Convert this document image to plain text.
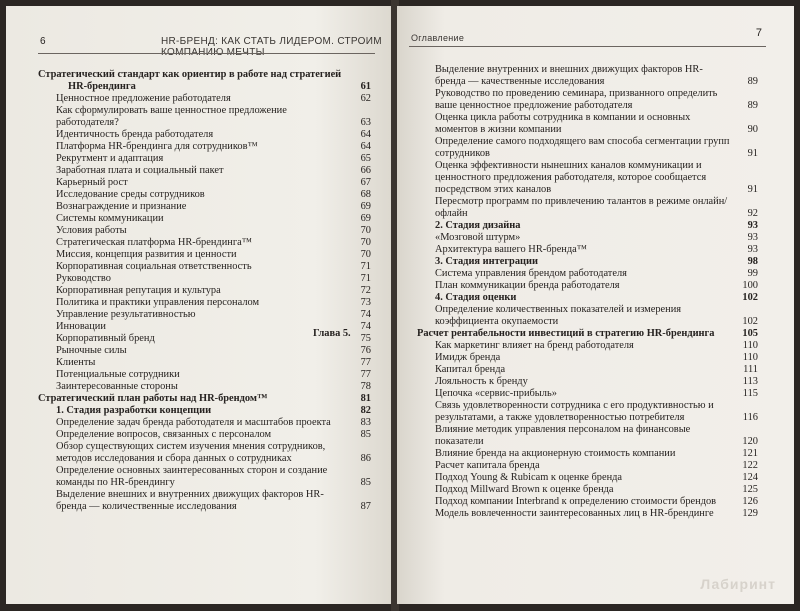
6	HR-БРЕНД: КАК СТАТЬ ЛИДЕРОМ. СТРОИМ
Стратегический стандарт как ориентир в работе над стратегией HR-брендинга	61
Ценностное предложение работодателя	62
Как сформулировать ваше ценностное предложение работодателя?	63
Идентичность бренда работодателя	64
Платформа HR-брендинга для сотрудников™	64
Рекрутмент и адаптация	65
Заработная плата и социальный пакет	66
Карьерный рост	67
Исследование среды сотрудников	68
Вознаграждение и признание	69
Системы коммуникации	69
Условия работы	70
Стратегическая платформа HR-брендинга™	70
Миссия, концепция развития и ценности	70
Корпоративная социальная ответственность	71
Руководство	71
Корпоративная репутация и культура	72
Политика и практики управления персоналом	73
Управление результативностью	74
Инновации	74
Корпоративный бренд	75
Рыночные силы	76
Клиенты	77
Потенциальные сотрудники	77
Заинтересованные стороны	78
Стратегический план работы над HR-брендом™	81
1. Стадия разработки концепции	82
Определение задач бренда работодателя и масштабов проекта	83
Определение вопросов, связанных с персоналом	85
Обзор существующих систем изучения мнения сотрудников, методов исследования и сбора данных о сотрудниках	86
Определение основных заинтересованных сторон и создание команды по HR-брендингу	85
Выделение внешних и внутренних движущих факторов HR-бренда — количественные исследования	87
Оглавление	7
Выделение внутренних и внешних движущих факторов HR-бренда — качественные исследования	89
Руководство по проведению семинара, призванного определить ваше ценностное предложение работодателя	89
Оценка цикла работы сотрудника в компании и основных моментов в жизни компании	90
Определение самого подходящего вам способа сегментации групп сотрудников	91
Оценка эффективности нынешних каналов коммуникации и ценностного предложения работодателя, которое сообщается посредством этих каналов	91
Пересмотр программ по привлечению талантов в режиме онлайн/офлайн	92
2. Стадия дизайна	93
«Мозговой штурм»	93
Архитектура вашего HR-бренда™	93
3. Стадия интеграции	98
Система управления брендом работодателя	99
План коммуникации бренда работодателя	100
4. Стадия оценки	102
Определение количественных показателей и измерения коэффициента окупаемости	102
Глава 5.	Расчет рентабельности инвестиций в стратегию HR-брендинга	105
Как маркетинг влияет на бренд работодателя	110
Имидж бренда	110
Капитал бренда	111
Лояльность к бренду	113
Цепочка «сервис-прибыль»	115
Связь удовлетворенности сотрудника с его продуктивностью и результатами, а также удовлетворенностью потребителя	116
Влияние методик управления персоналом на финансовые показатели	120
Влияние бренда на акционерную стоимость компании	121
Расчет капитала бренда	122
Подход Young & Rubicam к оценке бренда	124
Подход Millward Brown к оценке бренда	125
Подход компании Interbrand к определению стоимости брендов	126
Модель вовлеченности заинтересованных лиц в HR-брендинге	129
Лабиринт
